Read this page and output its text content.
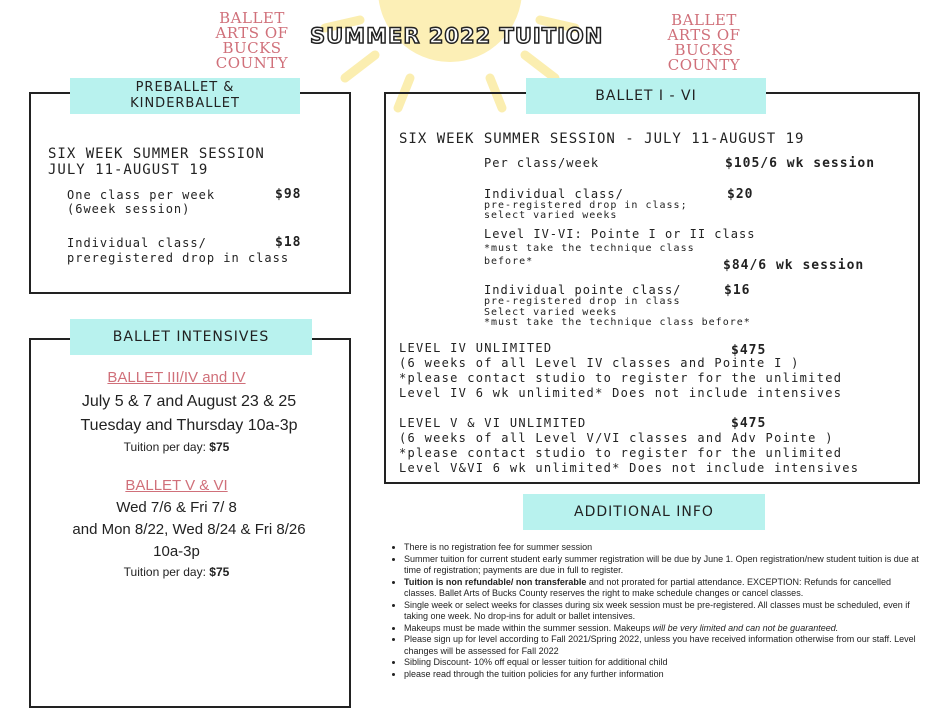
BALLET
ARTS OF
BUCKS
COUNTY
BALLET
ARTS OF
BUCKS
COUNTY
SUMMER 2022 TUITION
PREBALLET &
KINDERBALLET
SIX WEEK SUMMER SESSION
JULY 11-AUGUST 19
One class per week
(6week session)
$98
Individual class/
preregistered drop in class
$18
BALLET I - VI
SIX WEEK SUMMER SESSION - JULY 11-AUGUST 19
Per class/week	$105/6 wk session
Individual class/
pre-registered drop in class;
select varied weeks
$20
Level IV-VI: Pointe I or II class
*must take the technique class
before*	$84/6 wk session
Individual pointe class/
pre-registered drop in class
Select varied weeks
*must take the technique class before*
$16
LEVEL IV UNLIMITED
(6 weeks of all Level IV classes and Pointe I )
*please contact studio to register for the unlimited
Level IV 6 wk unlimited* Does not include intensives
$475
LEVEL V & VI UNLIMITED
(6 weeks of all Level V/VI classes and Adv Pointe )
*please contact studio to register for the unlimited
Level V&VI 6 wk unlimited* Does not include intensives
$475
BALLET INTENSIVES
BALLET III/IV and IV
July 5 & 7 and August 23 & 25
Tuesday and Thursday 10a-3p
Tuition per day: $75
BALLET V & VI
Wed 7/6 & Fri 7/ 8
and Mon 8/22, Wed 8/24 & Fri 8/26
10a-3p
Tuition per day: $75
ADDITIONAL INFO
• There is no registration fee for summer session
• Summer tuition for current student early summer registration will be due by June 1. Open registration/new student tuition is due at time of registration; payments are due in full to register.
• Tuition is non refundable/ non transferable and not prorated for partial attendance. EXCEPTION: Refunds for cancelled classes. Ballet Arts of Bucks County reserves the right to make schedule changes or cancel classes.
• Single week or select weeks for classes during six week session must be pre-registered. All classes must be scheduled, even if taking one week. No drop-ins for adult or ballet intensives.
• Makeups must be made within the summer session. Makeups will be very limited and can not be guaranteed.
• Please sign up for level according to Fall 2021/Spring 2022, unless you have received information otherwise from our staff. Level changes will be assessed for Fall 2022
• Sibling Discount- 10% off equal or lesser tuition for additional child
• please read through the tuition policies for any further information
